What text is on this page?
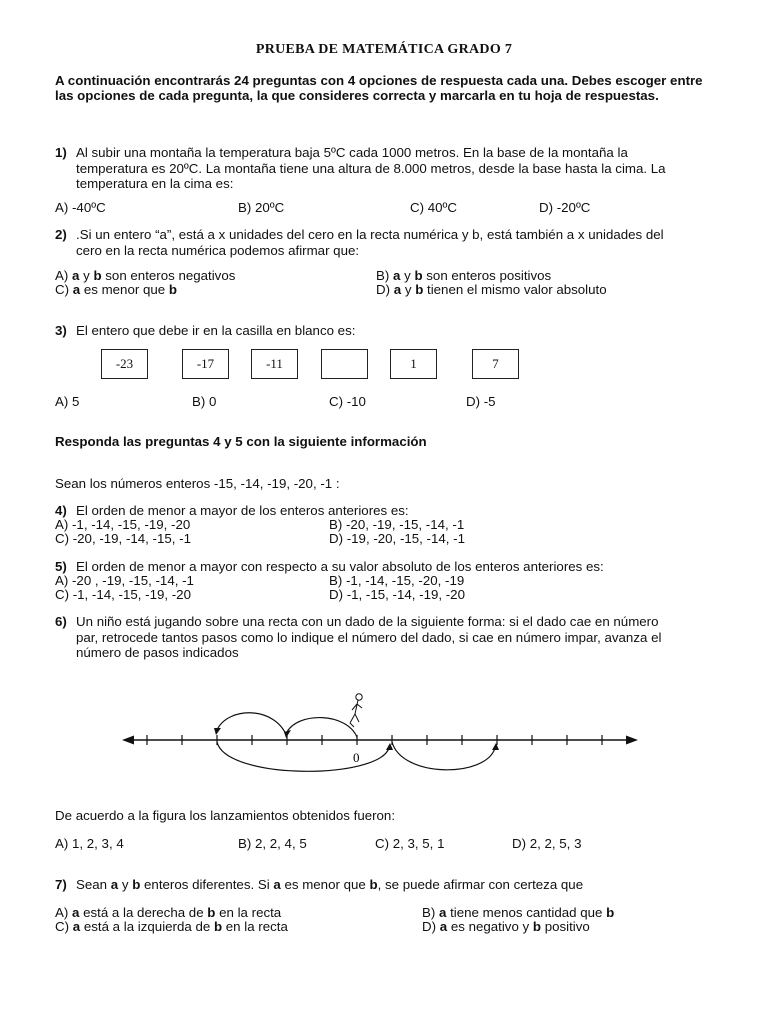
PRUEBA DE MATEMÁTICA GRADO 7
A continuación encontrarás 24 preguntas con 4 opciones de respuesta cada una. Debes escoger entre las opciones de cada pregunta, la que consideres correcta y marcarla en tu hoja de respuestas.
1) Al subir una montaña la temperatura baja 5ºC cada 1000 metros. En la base de la montaña la
temperatura es 20ºC. La montaña tiene una altura de 8.000 metros, desde la base hasta la cima. La
temperatura en la cima es:
A) -40ºC	B) 20ºC	C) 40ºC	D) -20ºC
2) .Si un entero “a”, está a x unidades del cero en la recta numérica y b, está también a x unidades del
cero en la recta numérica podemos afirmar que:
A) a y b son enteros negativos	B) a y b son enteros positivos
C) a es menor que b	D) a y b tienen el mismo valor absoluto
3) El entero que debe ir en la casilla en blanco es:
-23	-17	-11	1	7
A) 5	B) 0	C) -10	D) -5
Responda las preguntas 4 y 5 con la siguiente información
Sean los números enteros -15, -14, -19, -20, -1 :
4) El orden de menor a mayor de los enteros anteriores es:
A) -1, -14, -15, -19, -20	B) -20, -19, -15, -14, -1
C) -20, -19, -14, -15, -1	D) -19, -20, -15, -14, -1
5) El orden de menor a mayor con respecto a su valor absoluto de los enteros anteriores es:
A) -20 , -19, -15, -14, -1	B) -1, -14, -15, -20, -19
C) -1, -14, -15, -19, -20	D) -1, -15, -14, -19, -20
6) Un niño está jugando sobre una recta con un dado de la siguiente forma: si el dado cae en número
par, retrocede tantos pasos como lo indique el número del dado, si cae en número impar, avanza el
número de pasos indicados
0
De acuerdo a la figura los lanzamientos obtenidos fueron:
A) 1, 2, 3, 4	B) 2, 2, 4, 5	C) 2, 3, 5, 1	D) 2, 2, 5, 3
7) Sean a y b enteros diferentes. Si a es menor que b, se puede afirmar con certeza que
A) a está a la derecha de b en la recta	B) a tiene menos cantidad que b
C) a está a la izquierda de b en la recta	D) a es negativo y b positivo
